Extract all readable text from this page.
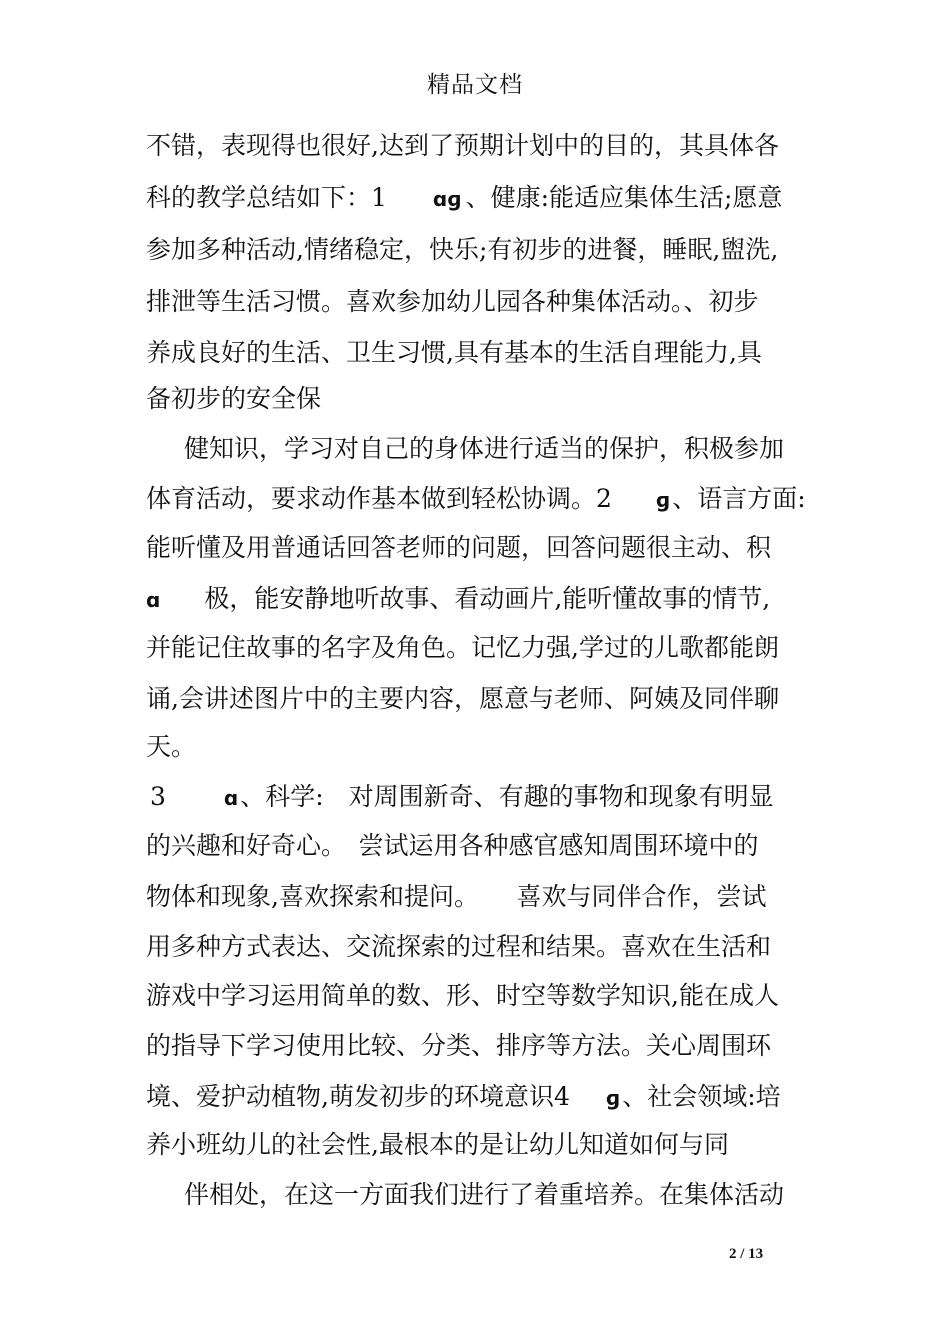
精品文档
不错，表现得也很好,达到了预期计划中的目的，其具体各
科的教学总结如下：1 ɑɡ 、健康:能适应集体生活;愿意
参加多种活动,情绪稳定，快乐;有初步的进餐，睡眠,盥洗,
排泄等生活习惯。喜欢参加幼儿园各种集体活动。、初步
养成良好的生活、卫生习惯,具有基本的生活自理能力,具
备初步的安全保
健知识，学习对自己的身体进行适当的保护，积极参加
体育活动，要求动作基本做到轻松协调。2 ɡ、语言方面:
能听懂及用普通话回答老师的问题，回答问题很主动、积
ɑ 极，能安静地听故事、看动画片,能听懂故事的情节,
并能记住故事的名字及角色。记忆力强,学过的儿歌都能朗
诵,会讲述图片中的主要内容，愿意与老师、阿姨及同伴聊
天。
3	ɑ、科学:　对周围新奇、有趣的事物和现象有明显
的兴趣和好奇心。　尝试运用各种感官感知周围环境中的
物体和现象,喜欢探索和提问。　　喜欢与同伴合作，尝试
用多种方式表达、交流探索的过程和结果。喜欢在生活和
游戏中学习运用简单的数、形、时空等数学知识,能在成人
的指导下学习使用比较、分类、排序等方法。关心周围环
境、爱护动植物,萌发初步的环境意识4 ɡ、社会领域:培
养小班幼儿的社会性,最根本的是让幼儿知道如何与同
伴相处，在这一方面我们进行了着重培养。在集体活动
2 / 13
